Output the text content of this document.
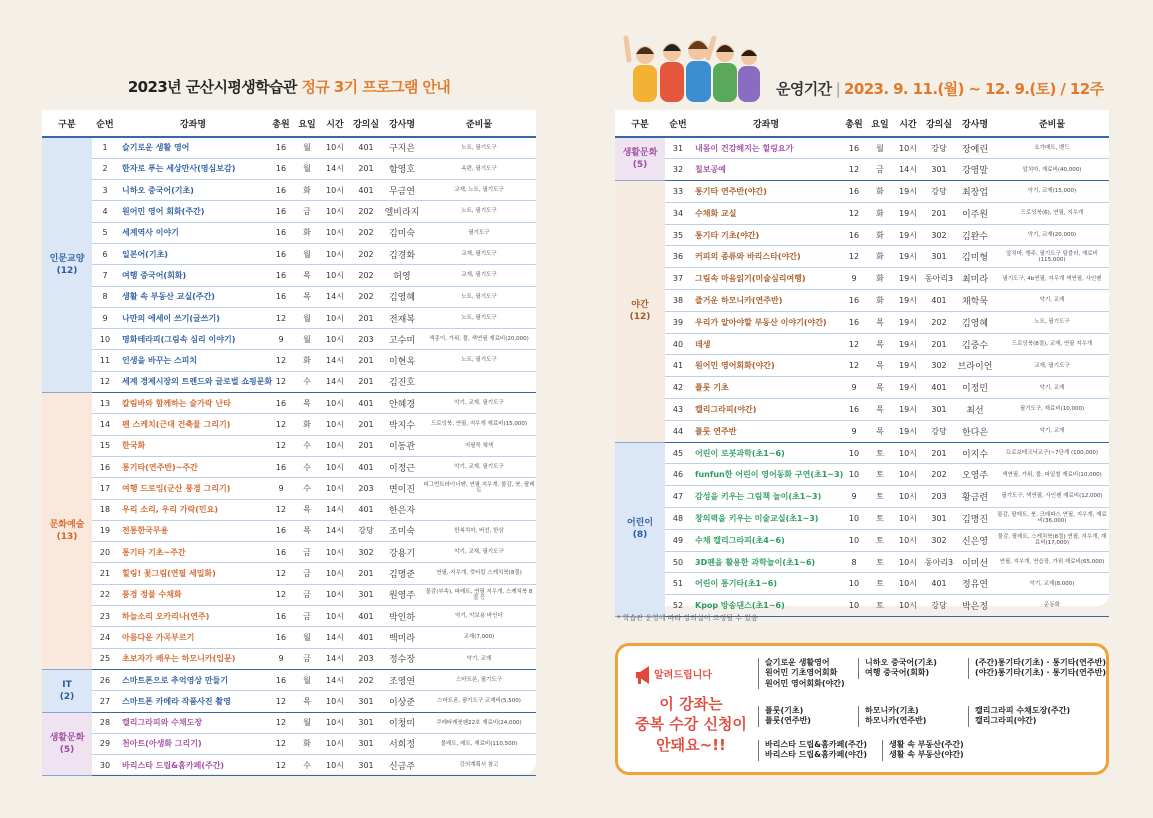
2023년 군산시평생학습관 정규 3기 프로그램 안내	운영기간 | 2023. 9. 11.(월) ~ 12. 9.(토) / 12주
구분	순번	강좌명	총원	요일	시간	강의실	강사명	준비물
인문교양
(12)	1	슬기로운 생활 영어	16	월	10시	401	구지은	노트, 필기도구
	2	한자로 푸는 세상만사(명심보감)	16	월	14시	201	함영호	옥편, 필기도구
	3	니하오 중국어(기초)	16	화	10시	401	무금연	교재, 노트, 필기도구
	4	원어민 영어 회화(주간)	16	금	10시	202	엘비라지	노트, 필기도구
	5	세계역사 이야기	16	화	10시	202	김미숙	필기도구
	6	일본어(기초)	16	월	10시	202	김경화	교재, 필기도구
	7	여행 중국어(회화)	16	목	10시	202	허영	교재, 필기도구
	8	생활 속 부동산 교실(주간)	16	목	14시	202	김영혜	노트, 필기도구
	9	나만의 에세이 쓰기(글쓰기)	12	월	10시	201	전재복	노트, 필기도구
	10	명화테라피(그림속 심리 이야기)	9	월	10시	203	고수미	색종이, 가위, 풀, 색연필 재료비(20,000)
	11	인생을 바꾸는 스피치	12	화	14시	201	이현옥	노트, 필기도구
	12	세계 경제시장의 트렌드와 글로벌 쇼핑문화	12	수	14시	201	김진호	
문화예술
(13)	13	칼림바와 함께하는 술가락 난타	16	목	10시	401	안혜경	악기, 교재, 필기도구
	14	펜 스케치(근대 건축물 그리기)	12	화	10시	201	박지수	드로잉북, 연필, 지우개 재료비(15,000)
	15	한국화	12	수	10시	201	이동관	지필묵 채색
	16	통기타(연주반)~주간	16	수	10시	401	이정근	악기, 교재, 필기도구
	17	여행 드로잉(군산 풍경 그리기)	9	수	10시	203	변이진	피그먼트라이너펜, 연필 지우개, 물감, 붓, 팔레트
	18	우리 소리, 우리 가락(민요)	12	목	14시	401	한은자	
	19	전통한국무용	16	목	14시	강당	조미숙	한복치마, 버선, 한삼
	20	통기타 기초~주간	16	금	10시	302	강용기	악기, 교재, 필기도구
	21	힐링! 꽃그림(연필 세밀화)	12	금	10시	201	김명준	연필, 지우개, 컷터칼 스케치북(8절)
	22	풍경 정물 수채화	12	금	10시	301	원영주	물감(부속), 파레트, 연필 지우개, 스케치북 8절 등
	23	하늘소리 오카리나(연주)	16	금	10시	401	박인하	악기, 악보용 바인더
	24	아름다운 가곡부르기	16	월	14시	401	백미라	교재(7,000)
	25	초보자가 배우는 하모니카(입문)	9	금	14시	203	정수장	악기, 교재
IT
(2)	26	스마트폰으로 추억영상 만들기	16	월	14시	202	조영연	스마트폰, 필기도구
	27	스마트폰 카메라 작품사진 촬영	12	목	10시	301	이상준	스마트폰, 필기도구 교재비(5,500)
생활문화
(5)	28	캘리그라피와 수채도장	12	월	10시	301	이청미	쿠레타케붓펜22호 재료비(24,000)
	29	천아트(아생화 그리기)	12	화	10시	301	서희정	물레트, 매트, 재료비(110,500)
	30	바리스타 드립&홈카페(주간)	12	수	10시	301	신금주	강의계획서 참고
구분	순번	강좌명	총원	요일	시간	강의실	강사명	준비물
생활문화
(5)	31	내몸이 건강해지는 힐링요가	16	월	10시	강당	장예린	요가매트, 밴드
	32	칠보공예	12	금	14시	301	강영말	앞치마, 재료비(40,000)
야간
(12)	33	통기타 연주반(야간)	16	화	19시	강당	최장업	악기, 교재(15,000)
	34	수채화 교실	12	화	19시	201	이주원	드로잉북(6), 연필, 지우개
	35	통기타 기초(야간)	16	화	19시	302	김완수	악기, 교재(20,000)
	36	커피의 종류와 바리스타(야간)	12	화	19시	301	김미형	앞치마, 행주, 필기도구 텀블러, 재료비(115,000)
	37	그림속 마음읽기(미술심리여행)	9	화	19시	동아리3	최미라	필기도구, 4b연필, 지우개 색연필, 사인펜
	38	즐거운 하모니카(연주반)	16	화	19시	401	채학묵	악기, 교재
	39	우리가 알아야할 부동산 이야기(야간)	16	목	19시	202	김영혜	노트, 필기도구
	40	데생	12	목	19시	201	김중수	드로잉북(8절), 교재, 연필 지우개
	41	원어민 영어회화(야간)	12	목	19시	302	브라이언	교재, 필기도구
	42	플룻 기초	9	목	19시	401	이정민	악기, 교재
	43	캘리그라피(야간)	16	목	19시	301	최선	필기도구, 재료비(10,000)
	44	플룻 연주반	9	목	19시	강당	한다은	악기, 교재
어린이
(8)	45	어린이 로봇과학(초1~6)	10	토	10시	201	이지수	프로보테크닉교구(~7단계 (100,000)
	46	funfun한 어린이 영어동화 구연(초1~3)	10	토	10시	202	오영주	색연필, 가위, 풀, 파일철 재료비(10,000)
	47	감성을 키우는 그림책 놀이(초1~3)	9	토	10시	203	황금련	필기도구, 색연필, 사인펜 재료비(12,000)
	48	창의력을 키우는 미술교실(초1~3)	10	토	10시	301	김명진	물감, 팔레트, 붓, 크레파스 연필, 지우개, 재료비(36,000)
	49	수채 캘리그라피(초4~6)	10	토	10시	302	신은영	물감, 팔레트, 스케치북(8절) 연필, 지우개, 재료비(17,000)
	50	3D펜을 활용한 과학놀이(초1~6)	8	토	10시	동아리3	이미선	연필, 지우개, 연습장, 가위 재료비(65,000)
	51	어린이 통기타(초1~6)	10	토	10시	401	정유연	악기, 교재(8,000)
	52	Kpop 방송댄스(초1~6)	10	토	10시	강당	박은정	운동화
* 학습관 운영에 따라 강의실이 조정될 수 있음
알려드립니다
이 강좌는
중복 수강 신청이
안돼요~!!
슬기로운 생활영어
원어민 기초영어회화
원어민 영어회화(야간)
니하오 중국어(기초)
여행 중국어(회화)
(주간)통기타(기초) · 통기타(연주반)
(야간)통기타(기초) · 통기타(연주반)
플룻(기초)
플룻(연주반)
하모니카(기초)
하모니카(연주반)
캘리그라피 수채도장(주간)
캘리그라피(야간)
바리스타 드립&홈카페(주간)
바리스타 드립&홈카페(야간)
생활 속 부동산(주간)
생활 속 부동산(야간)
